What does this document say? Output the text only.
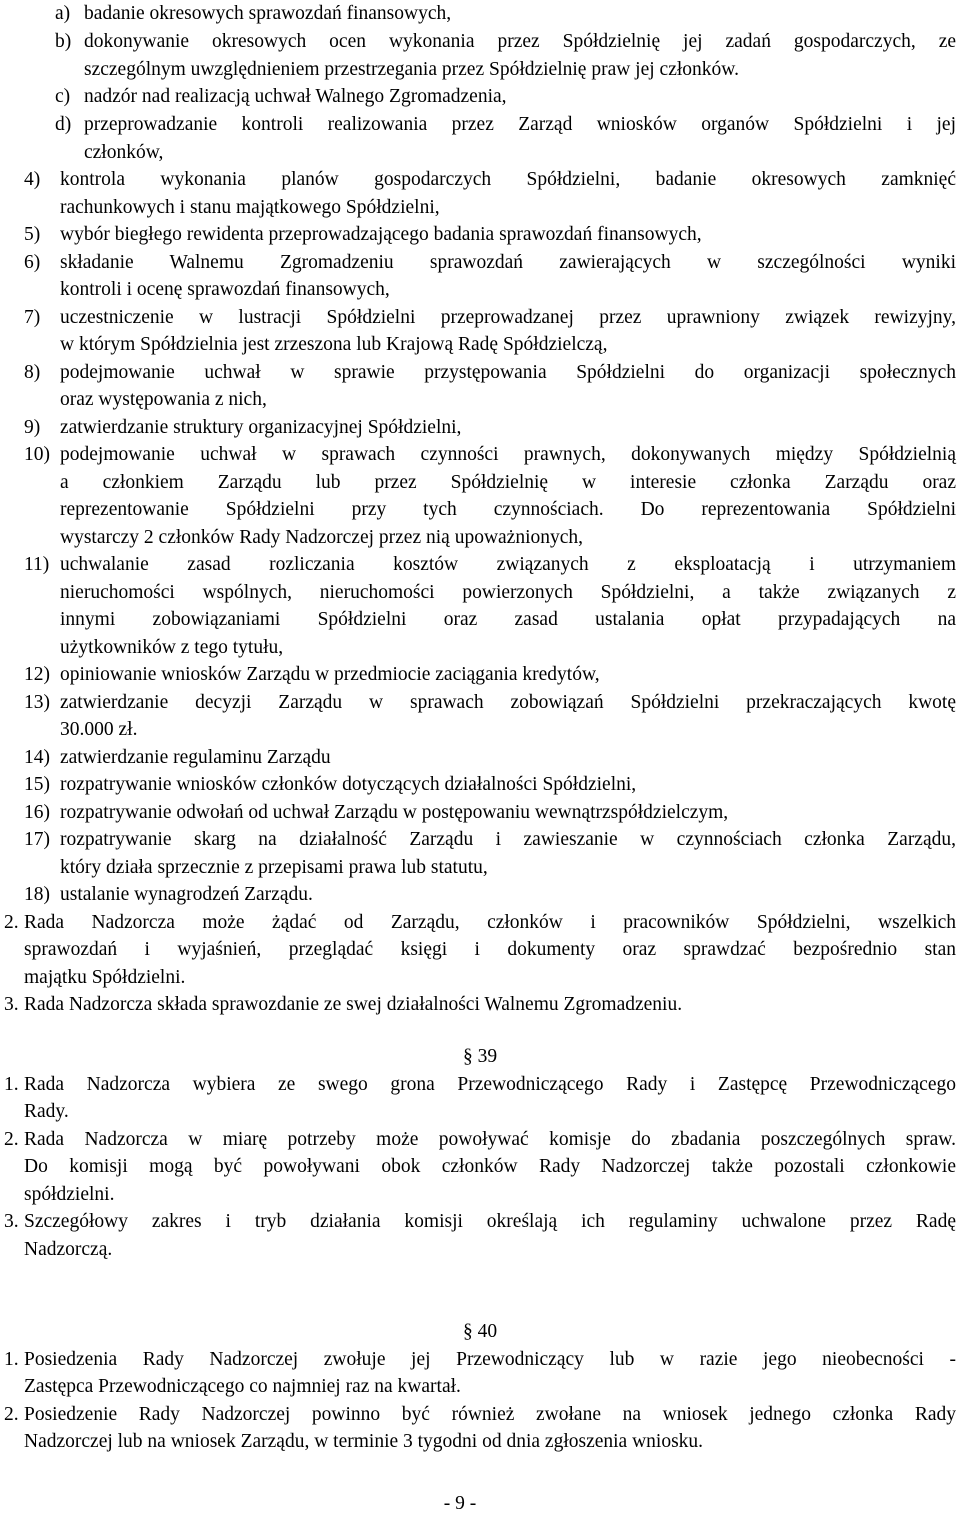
a) badanie okresowych sprawozdań finansowych,
b) dokonywanie okresowych ocen wykonania przez Spółdzielnię jej zadań gospodarczych, ze
szczególnym uwzględnieniem przestrzegania przez Spółdzielnię praw jej członków.
c) nadzór nad realizacją uchwał Walnego Zgromadzenia,
d) przeprowadzanie kontroli realizowania przez Zarząd wniosków organów Spółdzielni i jej
członków,
4) kontrola wykonania planów gospodarczych Spółdzielni, badanie okresowych zamknięć
rachunkowych i stanu majątkowego Spółdzielni,
5) wybór biegłego rewidenta przeprowadzającego badania sprawozdań finansowych,
6) składanie Walnemu Zgromadzeniu sprawozdań zawierających w szczególności wyniki
kontroli i ocenę sprawozdań finansowych,
7) uczestniczenie w lustracji Spółdzielni przeprowadzanej przez uprawniony związek rewizyjny,
w którym Spółdzielnia jest zrzeszona lub Krajową Radę Spółdzielczą,
8) podejmowanie uchwał w sprawie przystępowania Spółdzielni do organizacji społecznych
oraz występowania z nich,
9) zatwierdzanie struktury organizacyjnej Spółdzielni,
10) podejmowanie uchwał w sprawach czynności prawnych, dokonywanych między Spółdzielnią
a członkiem Zarządu lub przez Spółdzielnię w interesie członka Zarządu oraz
reprezentowanie Spółdzielni przy tych czynnościach. Do reprezentowania Spółdzielni
wystarczy 2 członków Rady Nadzorczej przez nią upoważnionych,
11) uchwalanie zasad rozliczania kosztów związanych z eksploatacją i utrzymaniem
nieruchomości wspólnych, nieruchomości powierzonych Spółdzielni, a także związanych z
innymi zobowiązaniami Spółdzielni oraz zasad ustalania opłat przypadających na
użytkowników z tego tytułu,
12) opiniowanie wniosków Zarządu w przedmiocie zaciągania kredytów,
13) zatwierdzanie decyzji Zarządu w sprawach zobowiązań Spółdzielni przekraczających kwotę
30.000 zł.
14) zatwierdzanie regulaminu Zarządu
15) rozpatrywanie wniosków członków dotyczących działalności Spółdzielni,
16) rozpatrywanie odwołań od uchwał Zarządu w postępowaniu wewnątrzspółdzielczym,
17) rozpatrywanie skarg na działalność Zarządu i zawieszanie w czynnościach członka Zarządu,
który działa sprzecznie z przepisami prawa lub statutu,
18) ustalanie wynagrodzeń Zarządu.
2. Rada Nadzorcza może żądać od Zarządu, członków i pracowników Spółdzielni, wszelkich
sprawozdań i wyjaśnień, przeglądać księgi i dokumenty oraz sprawdzać bezpośrednio stan
majątku Spółdzielni.
3. Rada Nadzorcza składa sprawozdanie ze swej działalności Walnemu Zgromadzeniu.
§ 39
1. Rada Nadzorcza wybiera ze swego grona Przewodniczącego Rady i Zastępcę Przewodniczącego
Rady.
2. Rada Nadzorcza w miarę potrzeby może powoływać komisje do zbadania poszczególnych spraw.
Do komisji mogą być powoływani obok członków Rady Nadzorczej także pozostali członkowie
spółdzielni.
3. Szczegółowy zakres i tryb działania komisji określają ich regulaminy uchwalone przez Radę
Nadzorczą.
§ 40
1. Posiedzenia Rady Nadzorczej zwołuje jej Przewodniczący lub w razie jego nieobecności -
Zastępca Przewodniczącego co najmniej raz na kwartał.
2. Posiedzenie Rady Nadzorczej powinno być również zwołane na wniosek jednego członka Rady
Nadzorczej lub na wniosek Zarządu, w terminie 3 tygodni od dnia zgłoszenia wniosku.
- 9 -
